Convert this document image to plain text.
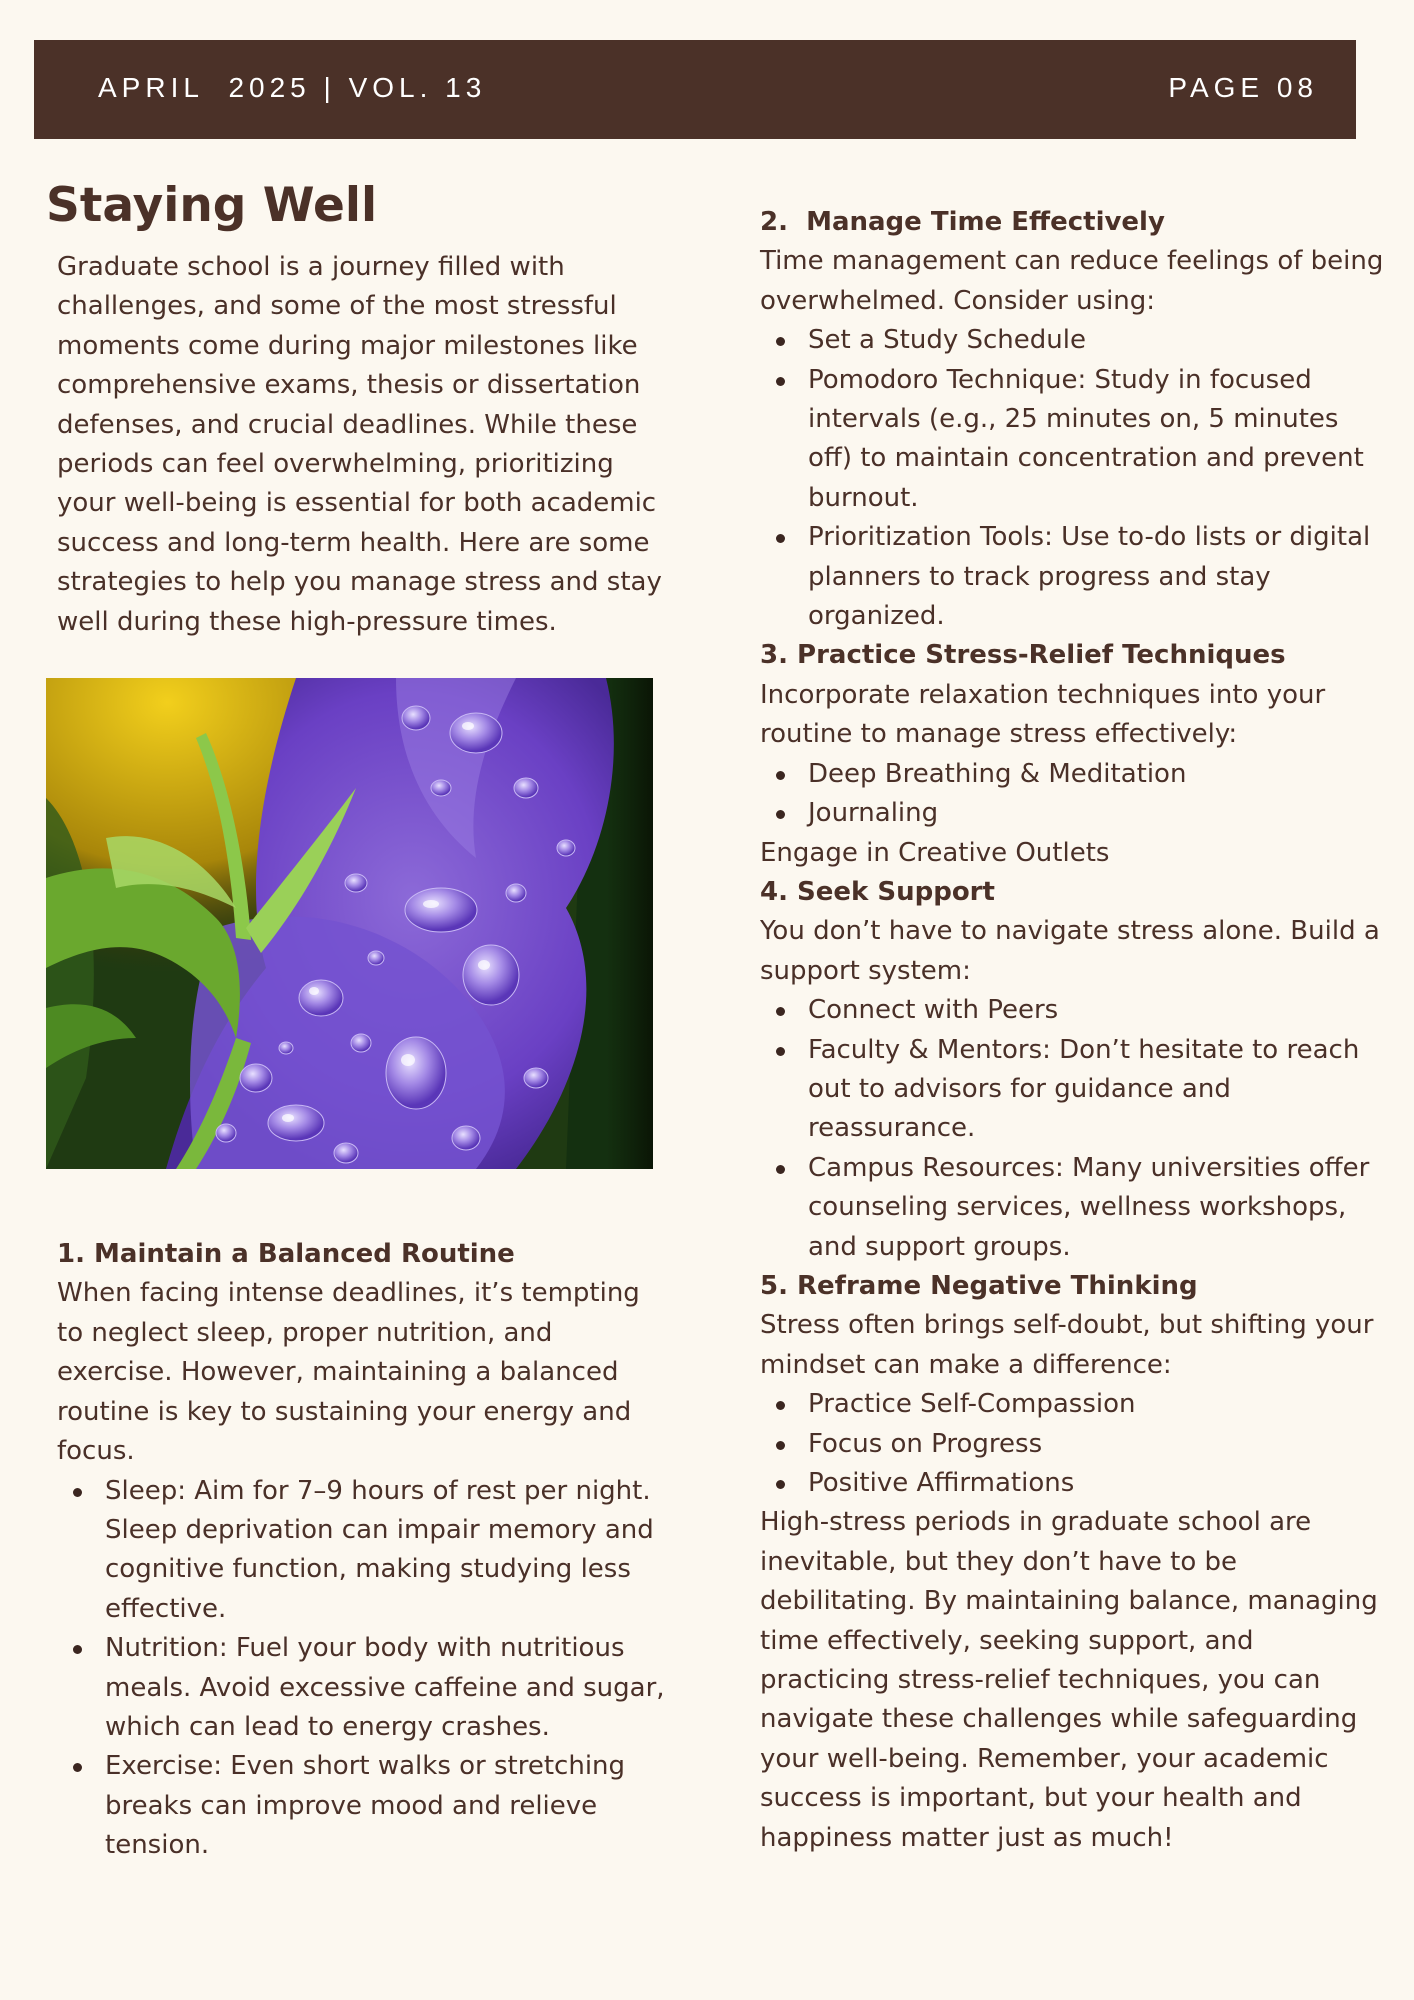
APRIL  2025 | VOL. 13	PAGE 08
Staying Well

Graduate school is a journey filled with challenges, and some of the most stressful moments come during major milestones like comprehensive exams, thesis or dissertation defenses, and crucial deadlines. While these periods can feel overwhelming, prioritizing your well-being is essential for both academic success and long-term health. Here are some strategies to help you manage stress and stay well during these high-pressure times.

1. Maintain a Balanced Routine

When facing intense deadlines, it’s tempting to neglect sleep, proper nutrition, and exercise. However, maintaining a balanced routine is key to sustaining your energy and focus.

Sleep: Aim for 7–9 hours of rest per night. Sleep deprivation can impair memory and cognitive function, making studying less effective.
Nutrition: Fuel your body with nutritious meals. Avoid excessive caffeine and sugar, which can lead to energy crashes.
Exercise: Even short walks or stretching breaks can improve mood and relieve tension.

2.  Manage Time Effectively

Time management can reduce feelings of being overwhelmed. Consider using:

Set a Study Schedule
Pomodoro Technique: Study in focused intervals (e.g., 25 minutes on, 5 minutes off) to maintain concentration and prevent burnout.
Prioritization Tools: Use to-do lists or digital planners to track progress and stay organized.

3. Practice Stress-Relief Techniques

Incorporate relaxation techniques into your routine to manage stress effectively:

Deep Breathing & Meditation
Journaling

Engage in Creative Outlets

4. Seek Support

You don’t have to navigate stress alone. Build a support system:

Connect with Peers
Faculty & Mentors: Don’t hesitate to reach out to advisors for guidance and reassurance.
Campus Resources: Many universities offer counseling services, wellness workshops, and support groups.

5. Reframe Negative Thinking

Stress often brings self-doubt, but shifting your mindset can make a difference:

Practice Self-Compassion
Focus on Progress
Positive Affirmations

High-stress periods in graduate school are inevitable, but they don’t have to be debilitating. By maintaining balance, managing time effectively, seeking support, and practicing stress-relief techniques, you can navigate these challenges while safeguarding your well-being. Remember, your academic success is important, but your health and happiness matter just as much!
